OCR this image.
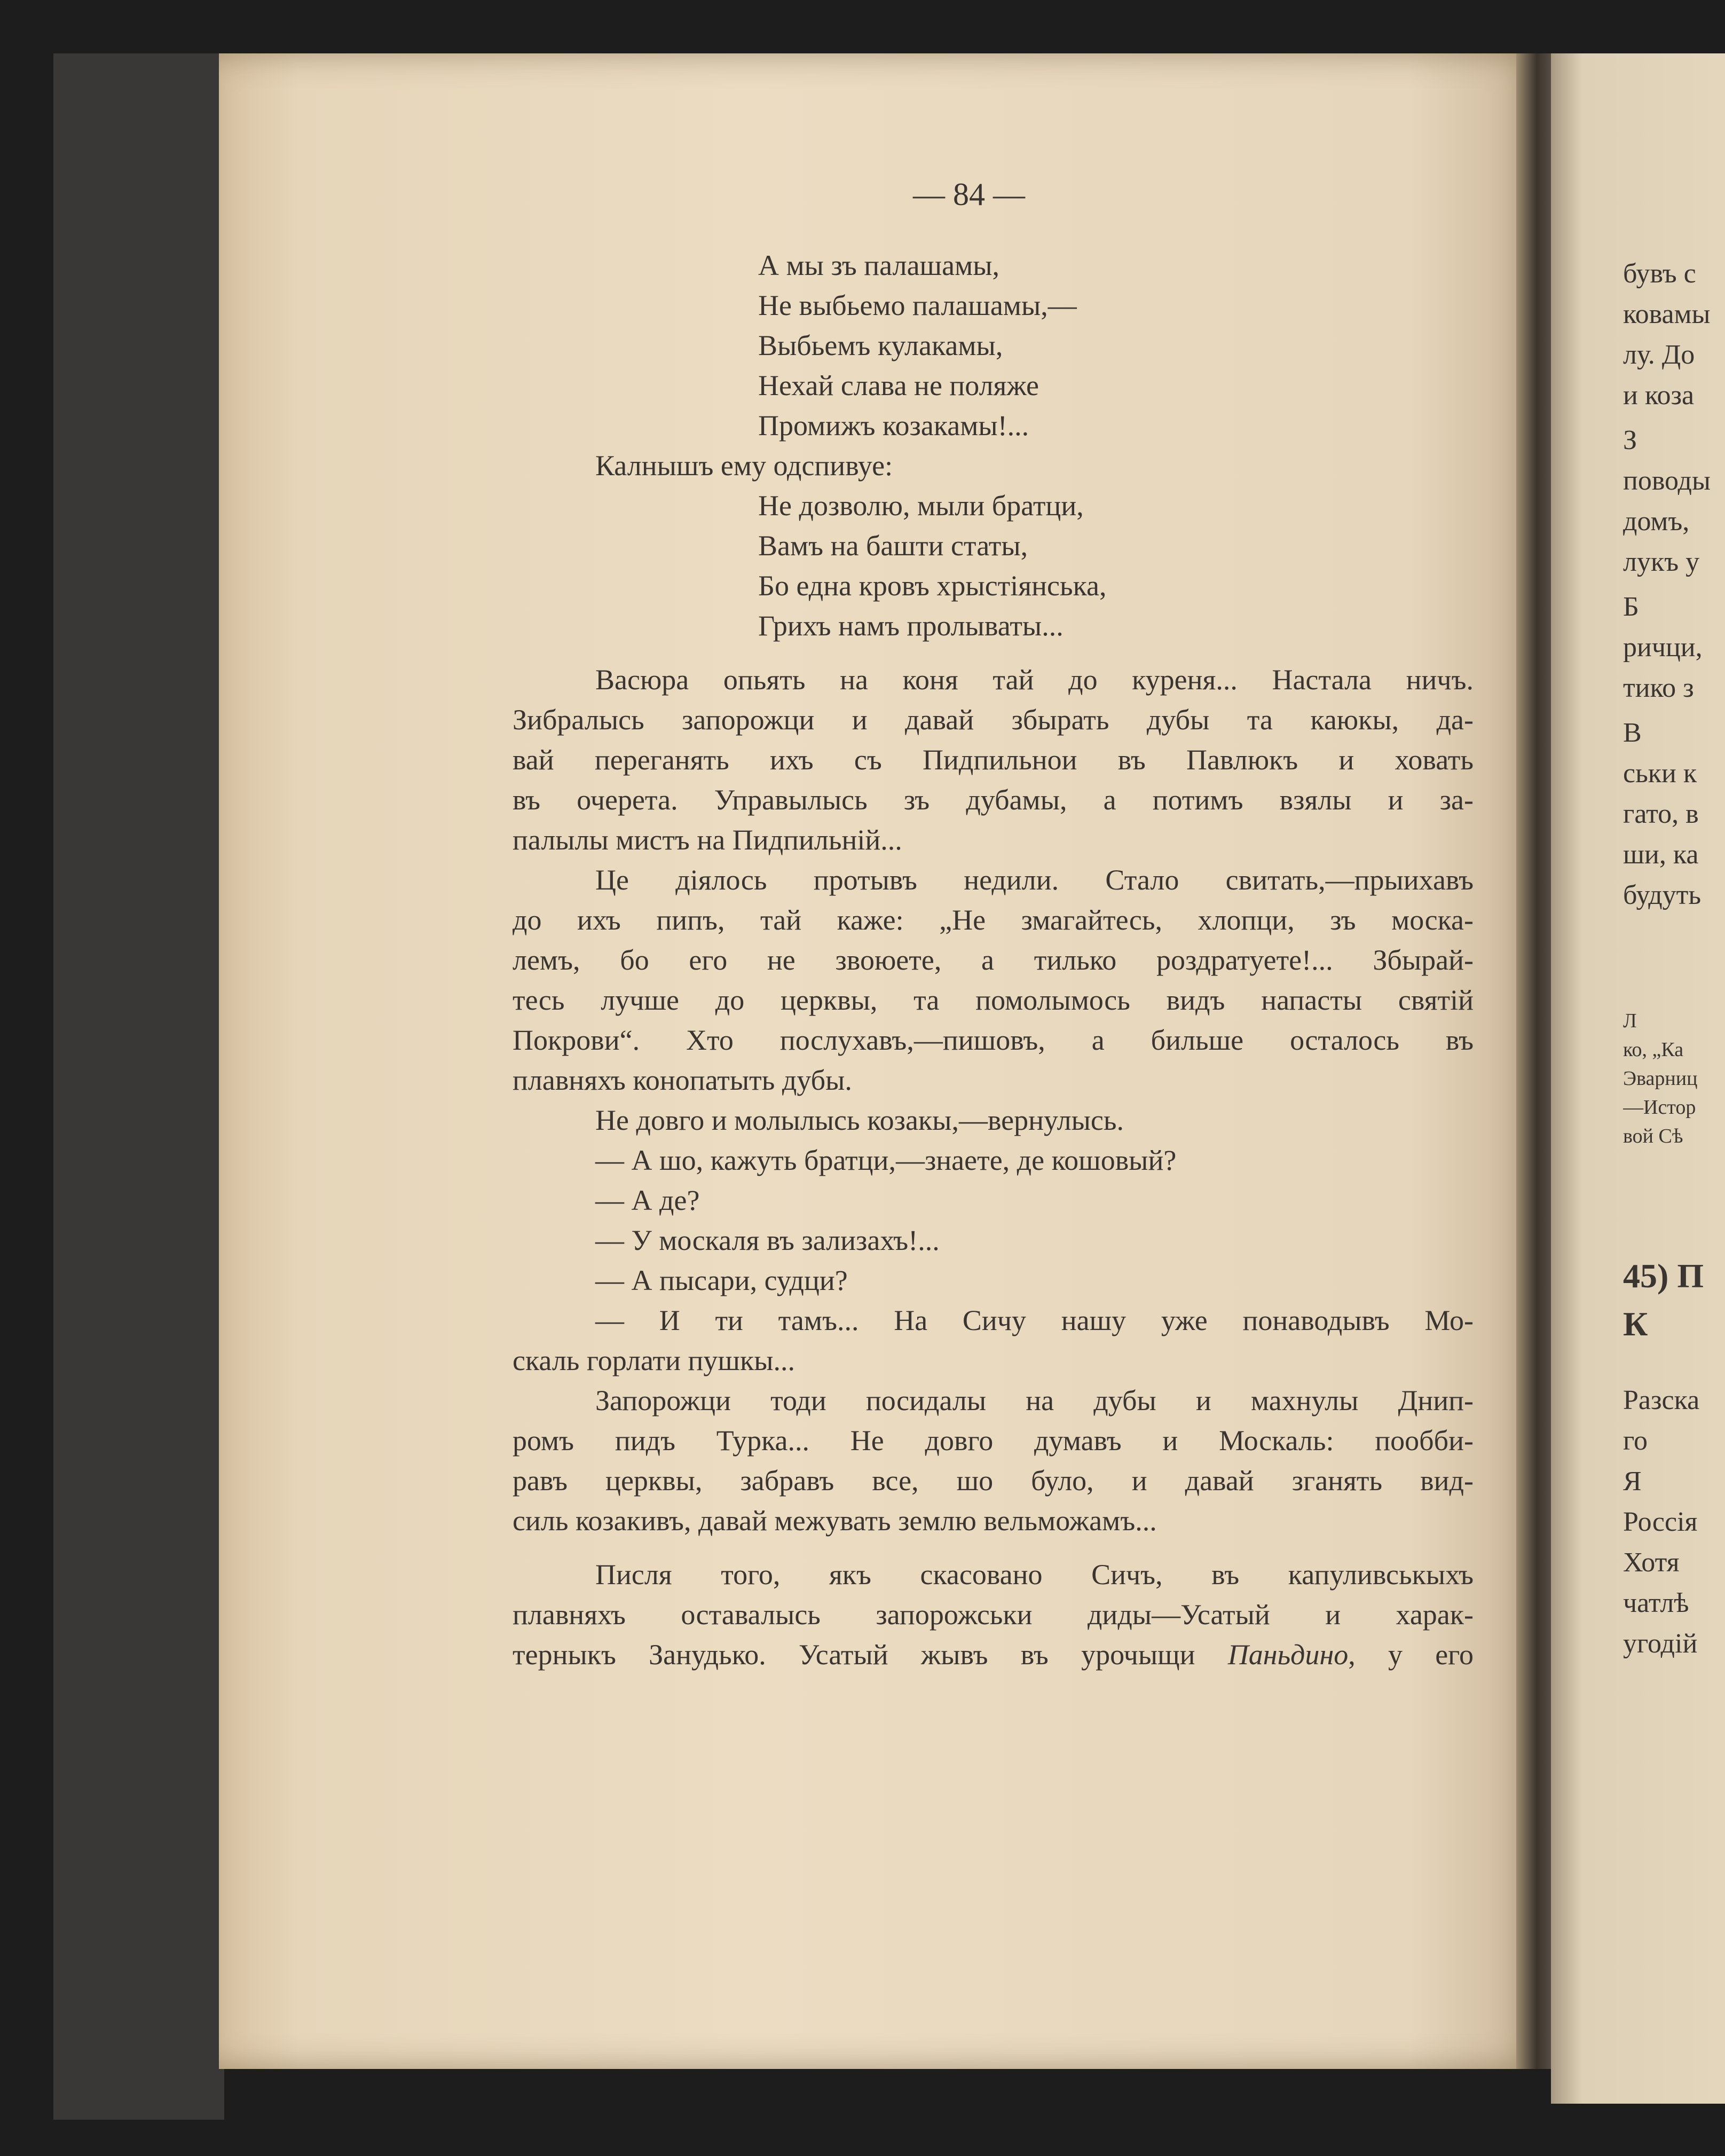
— 84 —
А мы зъ палашамы,
Не выбьемо палашамы,—
Выбьемъ кулакамы,
Нехай слава не поляже
Промижъ козакамы!...
Калнышъ ему одспивуе:
Не дозволю, мыли братци,
Вамъ на башти статы,
Бо една кровъ хрыстіянська,
Грихъ намъ пролываты...
Васюра опьять на коня тай до куреня... Настала ничъ.
Зибралысь запорожци и давай збырать дубы та каюкы, да-
вай переганять ихъ съ Пидпильнои въ Павлюкъ и ховать
въ очерета. Управылысь зъ дубамы, а потимъ взялы и за-
палылы мистъ на Пидпильній...
Це діялось протывъ недили. Стало свитать,—прыихавъ
до ихъ пипъ, тай каже: „Не змагайтесь, хлопци, зъ моска-
лемъ, бо его не звоюете, а тилько роздратуете!... Збырай-
тесь лучше до церквы, та помолымось видъ напасты святій
Покрови“. Хто послухавъ,—пишовъ, а бильше осталось въ
плавняхъ конопатыть дубы.
Не довго и молылысь козакы,—вернулысь.
— А шо, кажуть братци,—знаете, де кошовый?
— А де?
— У москаля въ зализахъ!...
— А пысари, судци?
— И ти тамъ... На Сичу нашу уже понаводывъ Мо-
скаль горлати пушкы...
Запорожци тоди посидалы на дубы и махнулы Днип-
ромъ пидъ Турка... Не довго думавъ и Москаль: пообби-
равъ церквы, забравъ все, шо було, и давай зганять вид-
силь козакивъ, давай межувать землю вельможамъ...
Писля того, якъ скасовано Сичъ, въ капуливськыхъ
плавняхъ оставалысь запорожськи диды—Усатый и харак-
терныкъ Занудько. Усатый жывъ въ урочыщи Паньдино, у его
бувъ с
ковамы
лу. До
и коза
З
поводы
домъ,
лукъ у
Б
ричци,
тико з
В
ськи к
гато, в
ши, ка
будуть
Л
ко, „Ка
Эварниц
—Истор
вой Сѣ
45) П
К
Разска
го
Я
Россія
Хотя
чатлѣ
угодій
